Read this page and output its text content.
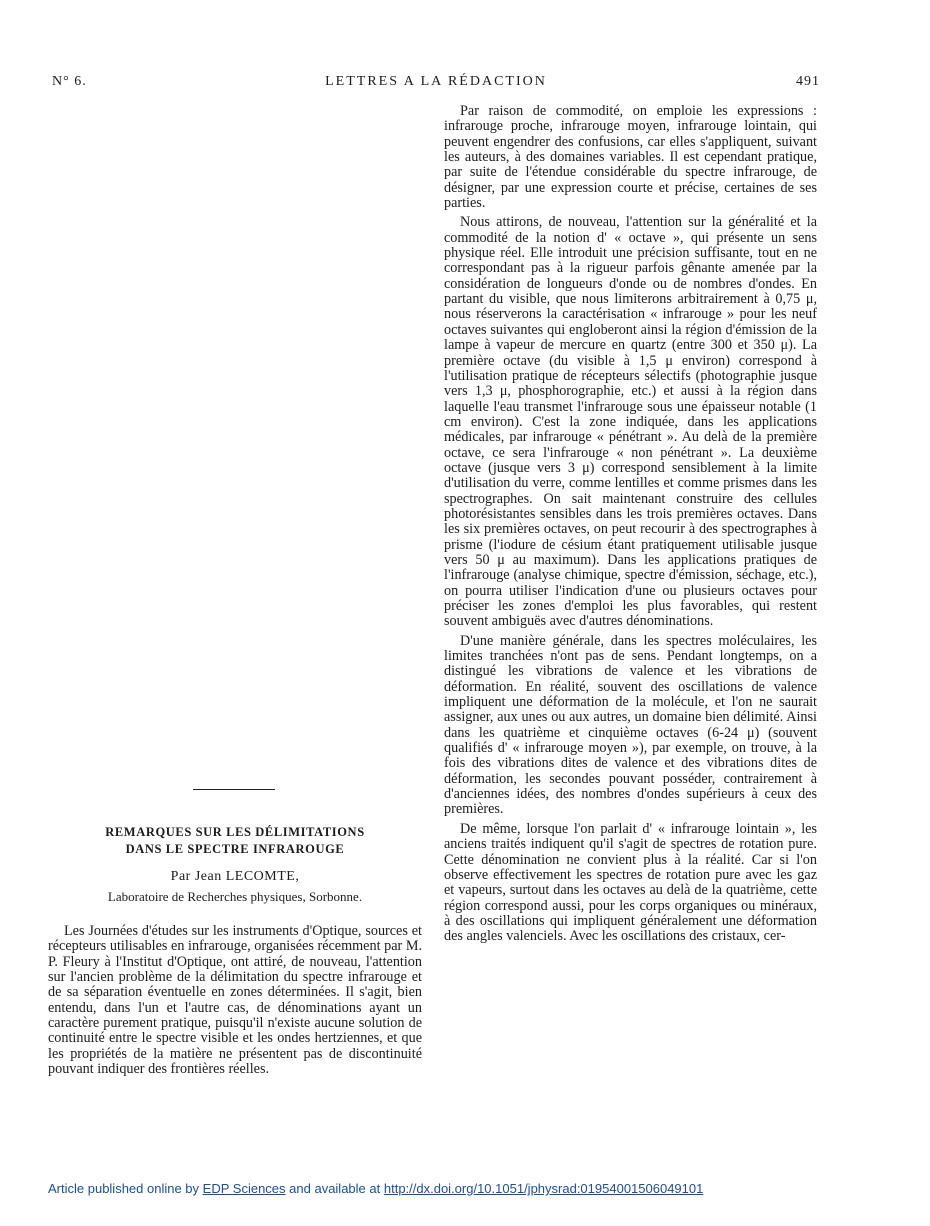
N° 6.	LETTRES A LA RÉDACTION	491

Par raison de commodité, on emploie les expressions : infrarouge proche, infrarouge moyen, infrarouge lointain, qui peuvent engendrer des confusions, car elles s'appliquent, suivant les auteurs, à des domaines variables. Il est cependant pratique, par suite de l'étendue considérable du spectre infrarouge, de désigner, par une expression courte et précise, certaines de ses parties.

Nous attirons, de nouveau, l'attention sur la généralité et la commodité de la notion d' « octave », qui présente un sens physique réel. Elle introduit une précision suffisante, tout en ne correspondant pas à la rigueur parfois gênante amenée par la considération de longueurs d'onde ou de nombres d'ondes. En partant du visible, que nous limiterons arbitrairement à 0,75 μ, nous réserverons la caractérisation « infrarouge » pour les neuf octaves suivantes qui engloberont ainsi la région d'émission de la lampe à vapeur de mercure en quartz (entre 300 et 350 μ). La première octave (du visible à 1,5 μ environ) correspond à l'utilisation pratique de récepteurs sélectifs (photographie jusque vers 1,3 μ, phosphorographie, etc.) et aussi à la région dans laquelle l'eau transmet l'infrarouge sous une épaisseur notable (1 cm environ). C'est la zone indiquée, dans les applications médicales, par infrarouge « pénétrant ». Au delà de la première octave, ce sera l'infrarouge « non pénétrant ». La deuxième octave (jusque vers 3 μ) correspond sensiblement à la limite d'utilisation du verre, comme lentilles et comme prismes dans les spectrographes. On sait maintenant construire des cellules photorésistantes sensibles dans les trois premières octaves. Dans les six premières octaves, on peut recourir à des spectrographes à prisme (l'iodure de césium étant pratiquement utilisable jusque vers 50 μ au maximum). Dans les applications pratiques de l'infrarouge (analyse chimique, spectre d'émission, séchage, etc.), on pourra utiliser l'indication d'une ou plusieurs octaves pour préciser les zones d'emploi les plus favorables, qui restent souvent ambiguës avec d'autres dénominations.

D'une manière générale, dans les spectres moléculaires, les limites tranchées n'ont pas de sens. Pendant longtemps, on a distingué les vibrations de valence et les vibrations de déformation. En réalité, souvent des oscillations de valence impliquent une déformation de la molécule, et l'on ne saurait assigner, aux unes ou aux autres, un domaine bien délimité. Ainsi dans les quatrième et cinquième octaves (6-24 μ) (souvent qualifiés d' « infrarouge moyen »), par exemple, on trouve, à la fois des vibrations dites de valence et des vibrations dites de déformation, les secondes pouvant posséder, contrairement à d'anciennes idées, des nombres d'ondes supérieurs à ceux des premières.

De même, lorsque l'on parlait d' « infrarouge lointain », les anciens traités indiquent qu'il s'agit de spectres de rotation pure. Cette dénomination ne convient plus à la réalité. Car si l'on observe effectivement les spectres de rotation pure avec les gaz et vapeurs, surtout dans les octaves au delà de la quatrième, cette région correspond aussi, pour les corps organiques ou minéraux, à des oscillations qui impliquent généralement une déformation des angles valenciels. Avec les oscillations des cristaux, cer-

REMARQUES SUR LES DÉLIMITATIONS
DANS LE SPECTRE INFRAROUGE
Par Jean LECOMTE,
Laboratoire de Recherches physiques, Sorbonne.

Les Journées d'études sur les instruments d'Optique, sources et récepteurs utilisables en infrarouge, organisées récemment par M. P. Fleury à l'Institut d'Optique, ont attiré, de nouveau, l'attention sur l'ancien problème de la délimitation du spectre infrarouge et de sa séparation éventuelle en zones déterminées. Il s'agit, bien entendu, dans l'un et l'autre cas, de dénominations ayant un caractère purement pratique, puisqu'il n'existe aucune solution de continuité entre le spectre visible et les ondes hertziennes, et que les propriétés de la matière ne présentent pas de discontinuité pouvant indiquer des frontières réelles.

Article published online by EDP Sciences and available at http://dx.doi.org/10.1051/jphysrad:01954001506049101
